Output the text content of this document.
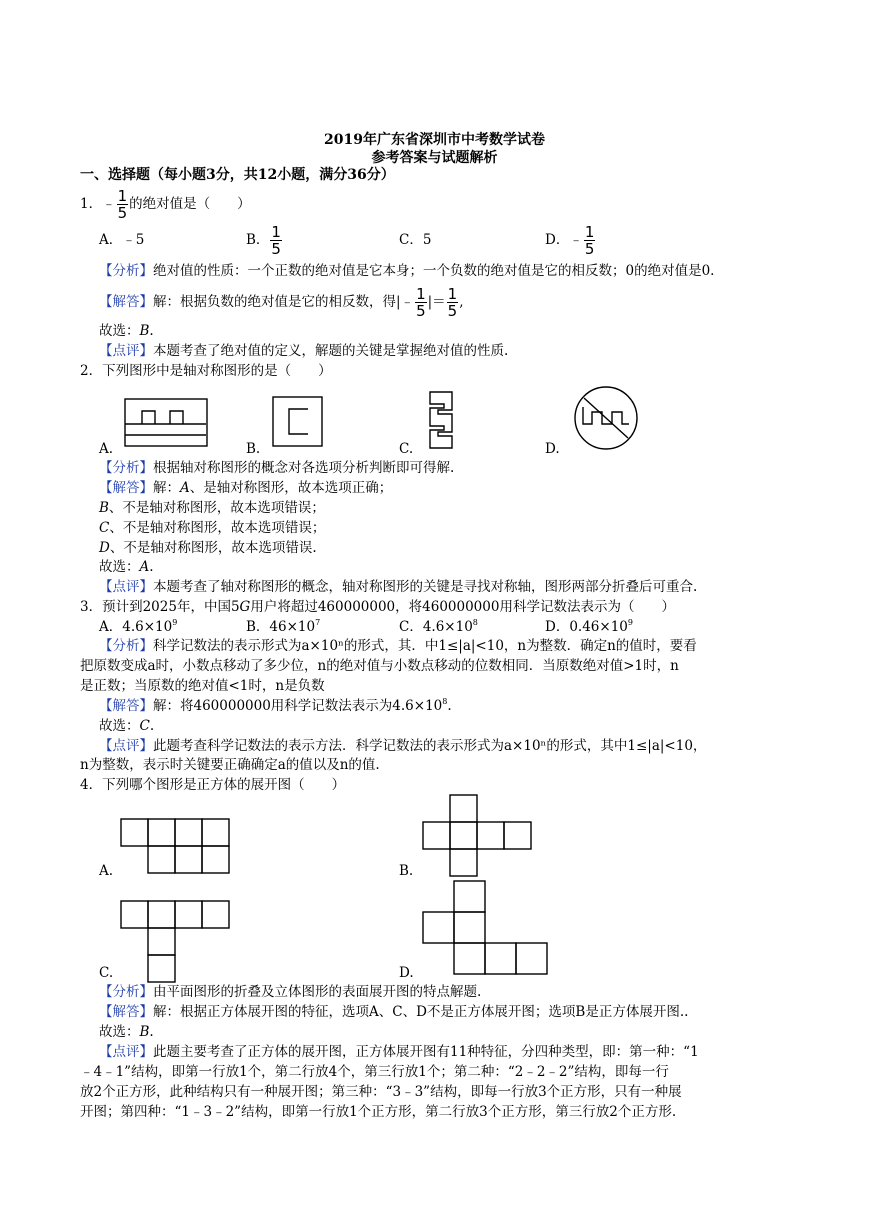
2019年广东省深圳市中考数学试卷
参考答案与试题解析
一、选择题（每小题3分，共12小题，满分36分）
1．﹣ $\frac{1}{5}$ 的绝对值是（　　）
A．﹣5	B． $\frac{1}{5}$	C．5	D．﹣ $\frac{1}{5}$
【分析】绝对值的性质：一个正数的绝对值是它本身；一个负数的绝对值是它的相反数；0的绝对值是0.
【解答】解：根据负数的绝对值是它的相反数，得|﹣ $\frac{1}{5}$ |＝ $\frac{1}{5}$ ,
故选：B.
【点评】本题考查了绝对值的定义，解题的关键是掌握绝对值的性质.
2．下列图形中是轴对称图形的是（　　）
A.	B.	C.	D.
【分析】根据轴对称图形的概念对各选项分析判断即可得解.
【解答】解：A、是轴对称图形，故本选项正确；
B、不是轴对称图形，故本选项错误；
C、不是轴对称图形，故本选项错误；
D、不是轴对称图形，故本选项错误.
故选：A.
【点评】本题考查了轴对称图形的概念，轴对称图形的关键是寻找对称轴，图形两部分折叠后可重合.
3．预计到2025年，中国5G用户将超过460000000，将460000000用科学记数法表示为（　　）
A．$4.6\times 10^9$	B．$46\times 10^7$	C．$4.6\times 10^8$	D．$0.46\times 10^9$
【分析】科学记数法的表示形式为a×10ⁿ的形式，其．中1≤|a|<10，n为整数．确定n的值时，要看
把原数变成a时，小数点移动了多少位，n的绝对值与小数点移动的位数相同．当原数绝对值>1时，n
是正数；当原数的绝对值<1时，n是负数
【解答】解：将460000000用科学记数法表示为$4.6\times 10^8$.
故选：C.
【点评】此题考查科学记数法的表示方法．科学记数法的表示形式为a×10ⁿ的形式，其中1≤|a|<10，
n为整数，表示时关键要正确确定a的值以及n的值.
4．下列哪个图形是正方体的展开图（　　）
A.	B.
C.	D.
【分析】由平面图形的折叠及立体图形的表面展开图的特点解题.
【解答】解：根据正方体展开图的特征，选项A、C、D不是正方体展开图；选项B是正方体展开图..
故选：B.
【点评】此题主要考查了正方体的展开图，正方体展开图有11种特征，分四种类型，即：第一种：“1
﹣4﹣1”结构，即第一行放1个，第二行放4个，第三行放1个；第二种：“2﹣2﹣2”结构，即每一行
放2个正方形，此种结构只有一种展开图；第三种：“3﹣3”结构，即每一行放3个正方形，只有一种展
开图；第四种：“1﹣3﹣2”结构，即第一行放1个正方形，第二行放3个正方形，第三行放2个正方形.
